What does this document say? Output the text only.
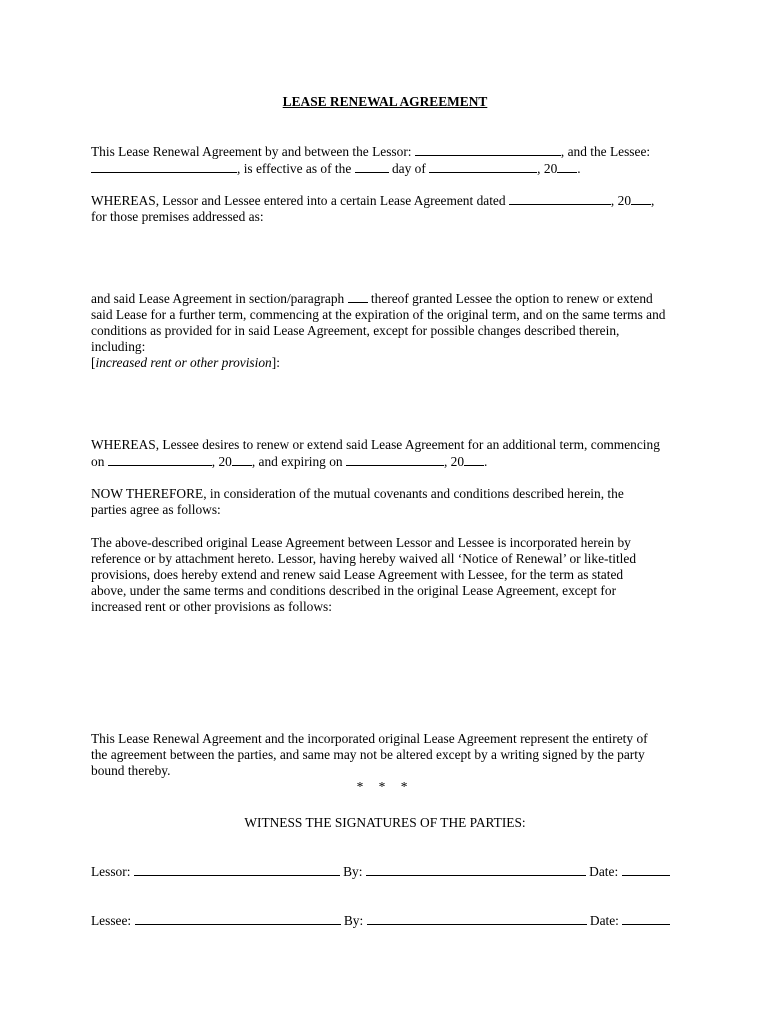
LEASE RENEWAL AGREEMENT
This Lease Renewal Agreement by and between the Lessor:	, and the Lessee:
, is effective as of the	day of	, 20 .
WHEREAS, Lessor and Lessee entered into a certain Lease Agreement dated	, 20 ,
for those premises addressed as:
and said Lease Agreement in section/paragraph  thereof granted Lessee the option to renew or extend
said Lease for a further term, commencing at the expiration of the original term, and on the same terms and
conditions as provided for in said Lease Agreement, except for possible changes described therein,
including:
[increased rent or other provision]:
WHEREAS, Lessee desires to renew or extend said Lease Agreement for an additional term, commencing
on	, 20 , and expiring on	, 20 .
NOW THEREFORE, in consideration of the mutual covenants and conditions described herein, the
parties agree as follows:
The above-described original Lease Agreement between Lessor and Lessee is incorporated herein by
reference or by attachment hereto. Lessor, having hereby waived all ‘Notice of Renewal’ or like-titled
provisions, does hereby extend and renew said Lease Agreement with Lessee, for the term as stated
above, under the same terms and conditions described in the original Lease Agreement, except for
increased rent or other provisions as follows:
This Lease Renewal Agreement and the incorporated original Lease Agreement represent the entirety of
the agreement between the parties, and same may not be altered except by a writing signed by the party
bound thereby.
* * *
WITNESS THE SIGNATURES OF THE PARTIES:
Lessor:	By:	Date:
Lessee:	By:	Date:
